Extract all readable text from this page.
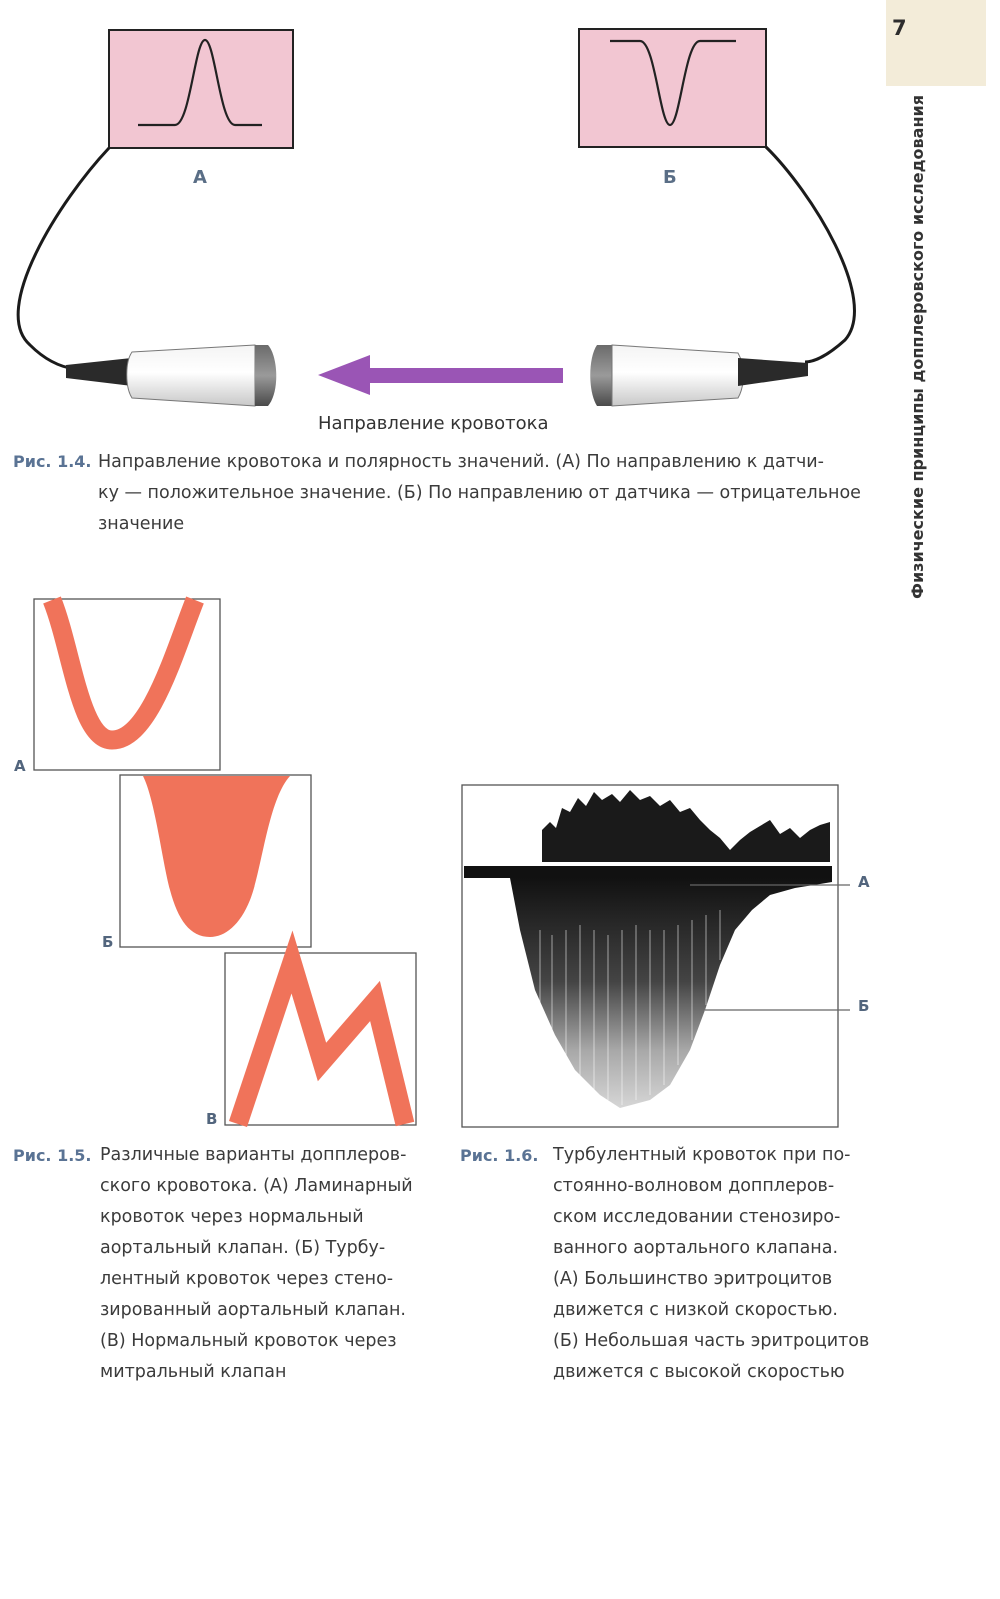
7
Физические принципы допплеровского исследования
А	Б
Направление кровотока
Рис. 1.4. Направление кровотока и полярность значений. (А) По направлению к датчи-
ку — положительное значение. (Б) По направлению от датчика — отрицательное
значение
А
Б
В
А
Б
Рис. 1.5. Различные варианты допплеров-
ского кровотока. (А) Ламинарный
кровоток через нормальный
аортальный клапан. (Б) Турбу-
лентный кровоток через стено-
зированный аортальный клапан.
(В) Нормальный кровоток через
митральный клапан
Рис. 1.6. Турбулентный кровоток при по-
стоянно-волновом допплеров-
ском исследовании стенозиро-
ванного аортального клапана.
(А) Большинство эритроцитов
движется с низкой скоростью.
(Б) Небольшая часть эритроцитов
движется с высокой скоростью
